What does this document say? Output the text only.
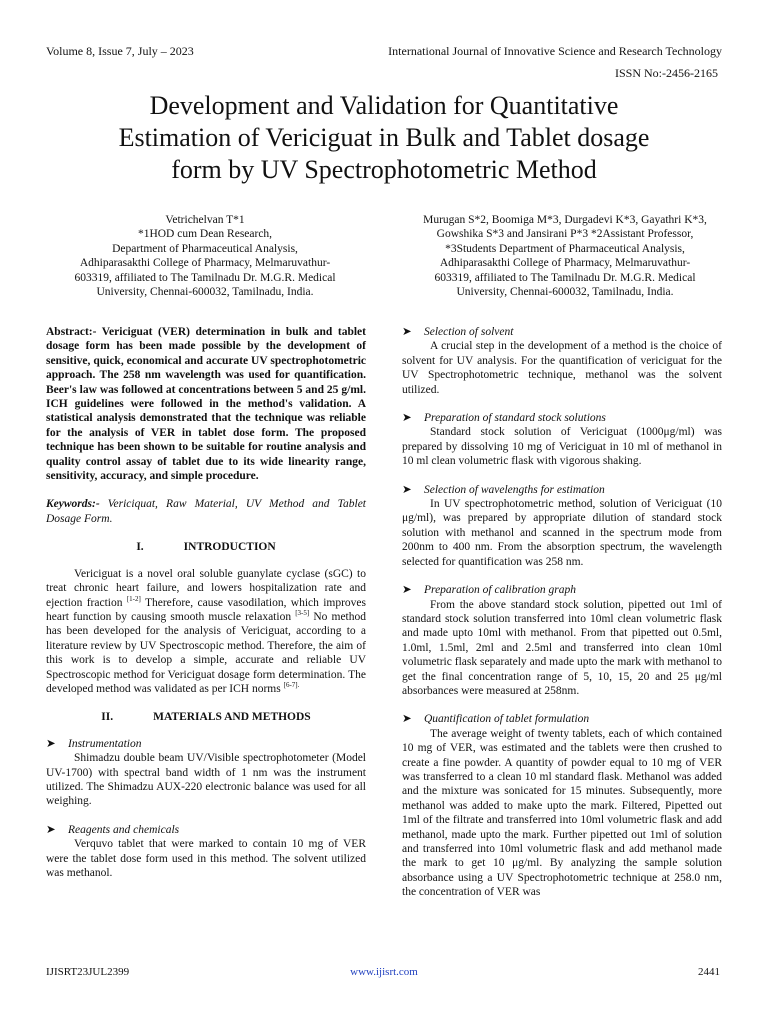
Volume 8, Issue 7, July – 2023	International Journal of Innovative Science and Research Technology
ISSN No:-2456-2165
Development and Validation for Quantitative
Estimation of Vericiguat in Bulk and Tablet dosage
form by UV Spectrophotometric Method
Vetrichelvan T*1
*1HOD cum Dean Research,
Department of Pharmaceutical Analysis,
Adhiparasakthi College of Pharmacy, Melmaruvathur-
603319, affiliated to The Tamilnadu Dr. M.G.R. Medical
University, Chennai-600032, Tamilnadu, India.
Murugan S*2, Boomiga M*3, Durgadevi K*3, Gayathri K*3,
Gowshika S*3 and Jansirani P*3 *2Assistant Professor,
*3Students Department of Pharmaceutical Analysis,
Adhiparasakthi College of Pharmacy, Melmaruvathur-
603319, affiliated to The Tamilnadu Dr. M.G.R. Medical
University, Chennai-600032, Tamilnadu, India.

Abstract:- Vericiguat (VER) determination in bulk and tablet dosage form has been made possible by the development of sensitive, quick, economical and accurate UV spectrophotometric approach. The 258 nm wavelength was used for quantification. Beer's law was followed at concentrations between 5 and 25 g/ml. ICH guidelines were followed in the method's validation. A statistical analysis demonstrated that the technique was reliable for the analysis of VER in tablet dose form. The proposed technique has been shown to be suitable for routine analysis and quality control assay of tablet due to its wide linearity range, sensitivity, accuracy, and simple procedure.

Keywords:- Vericiquat, Raw Material, UV Method and Tablet Dosage Form.

I.	INTRODUCTION

Vericiguat is a novel oral soluble guanylate cyclase (sGC) to treat chronic heart failure, and lowers hospitalization rate and ejection fraction [1-2] Therefore, cause vasodilation, which improves heart function by causing smooth muscle relaxation [3-5] No method has been developed for the analysis of Vericiguat, according to a literature review by UV Spectroscopic method. Therefore, the aim of this work is to develop a simple, accurate and reliable UV Spectroscopic method for Vericiguat dosage form determination. The developed method was validated as per ICH norms $^{[6-7].}$

II.	MATERIALS AND METHODS

➤ Instrumentation

Shimadzu double beam UV/Visible spectrophotometer (Model UV-1700) with spectral band width of 1 nm was the instrument utilized. The Shimadzu AUX-220 electronic balance was used for all weighing.

➤ Reagents and chemicals

Verquvo tablet that were marked to contain 10 mg of VER were the tablet dose form used in this method. The solvent utilized was methanol.

➤ Selection of solvent

A crucial step in the development of a method is the choice of solvent for UV analysis. For the quantification of vericiguat for the UV Spectrophotometric technique, methanol was the solvent utilized.

➤ Preparation of standard stock solutions

Standard stock solution of Vericiguat (1000μg/ml) was prepared by dissolving 10 mg of Vericiguat in 10 ml of methanol in 10 ml clean volumetric flask with vigorous shaking.

➤ Selection of wavelengths for estimation

In UV spectrophotometric method, solution of Vericiguat (10 μg/ml), was prepared by appropriate dilution of standard stock solution with methanol and scanned in the spectrum mode from 200nm to 400 nm. From the absorption spectrum, the wavelength selected for quantification was 258 nm.

➤ Preparation of calibration graph

From the above standard stock solution, pipetted out 1ml of standard stock solution transferred into 10ml clean volumetric flask and made upto 10ml with methanol. From that pipetted out 0.5ml, 1.0ml, 1.5ml, 2ml and 2.5ml and transferred into clean 10ml volumetric flask separately and made upto the mark with methanol to get the final concentration range of 5, 10, 15, 20 and 25 μg/ml absorbances were measured at 258nm.

➤ Quantification of tablet formulation

The average weight of twenty tablets, each of which contained 10 mg of VER, was estimated and the tablets were then crushed to create a fine powder. A quantity of powder equal to 10 mg of VER was transferred to a clean 10 ml standard flask. Methanol was added and the mixture was sonicated for 15 minutes. Subsequently, more methanol was added to make upto the mark. Filtered, Pipetted out 1ml of the filtrate and transferred into 10ml volumetric flask and add methanol, made upto the mark. Further pipetted out 1ml of solution and transferred into 10ml volumetric flask and add methanol made the mark to get 10 μg/ml. By analyzing the sample solution absorbance using a UV Spectrophotometric technique at 258.0 nm, the concentration of VER was

IJISRT23JUL2399	www.ijisrt.com	2441
